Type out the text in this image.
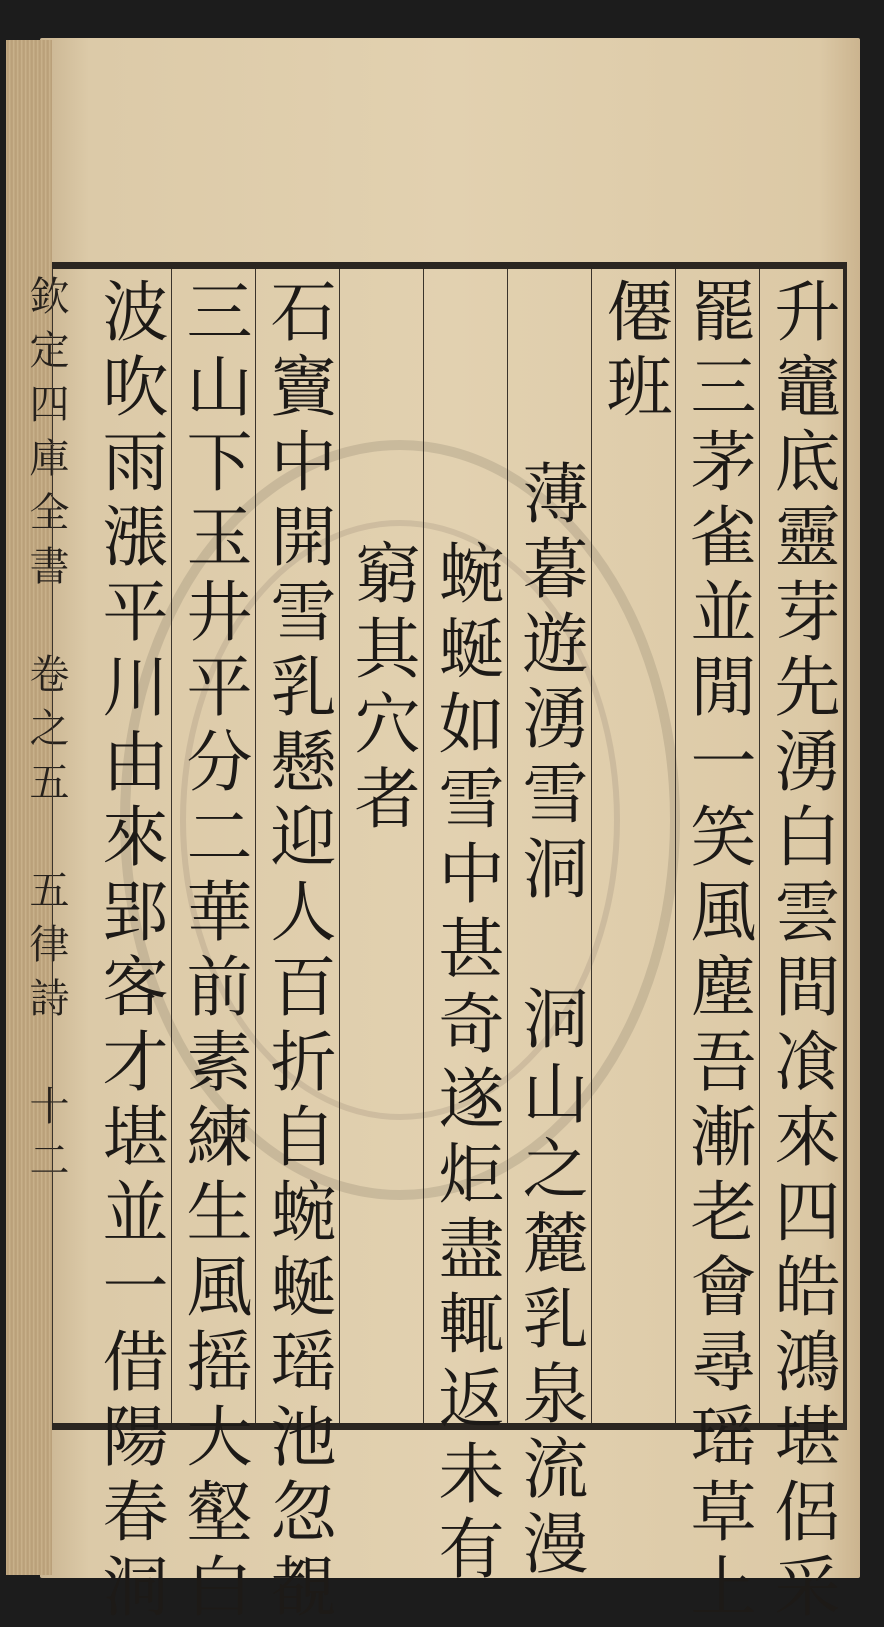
欽定四庫全書　卷之五　五律詩　十二	升竈底靈芽先湧白雲間飡來四皓鴻堪侶采
罷三茅雀並閒一笑風塵吾漸老會尋瑶草上
僊班
薄暮遊湧雪洞　洞山之麓乳泉流漫
蜿蜒如雪中甚奇遂炬盡輒返未有
窮其穴者
石竇中開雪乳懸迎人百折自蜿蜒瑶池忽覩
三山下玉井平分二華前素練生風摇大壑白
波吹雨漲平川由來郢客才堪並一借陽春洞
